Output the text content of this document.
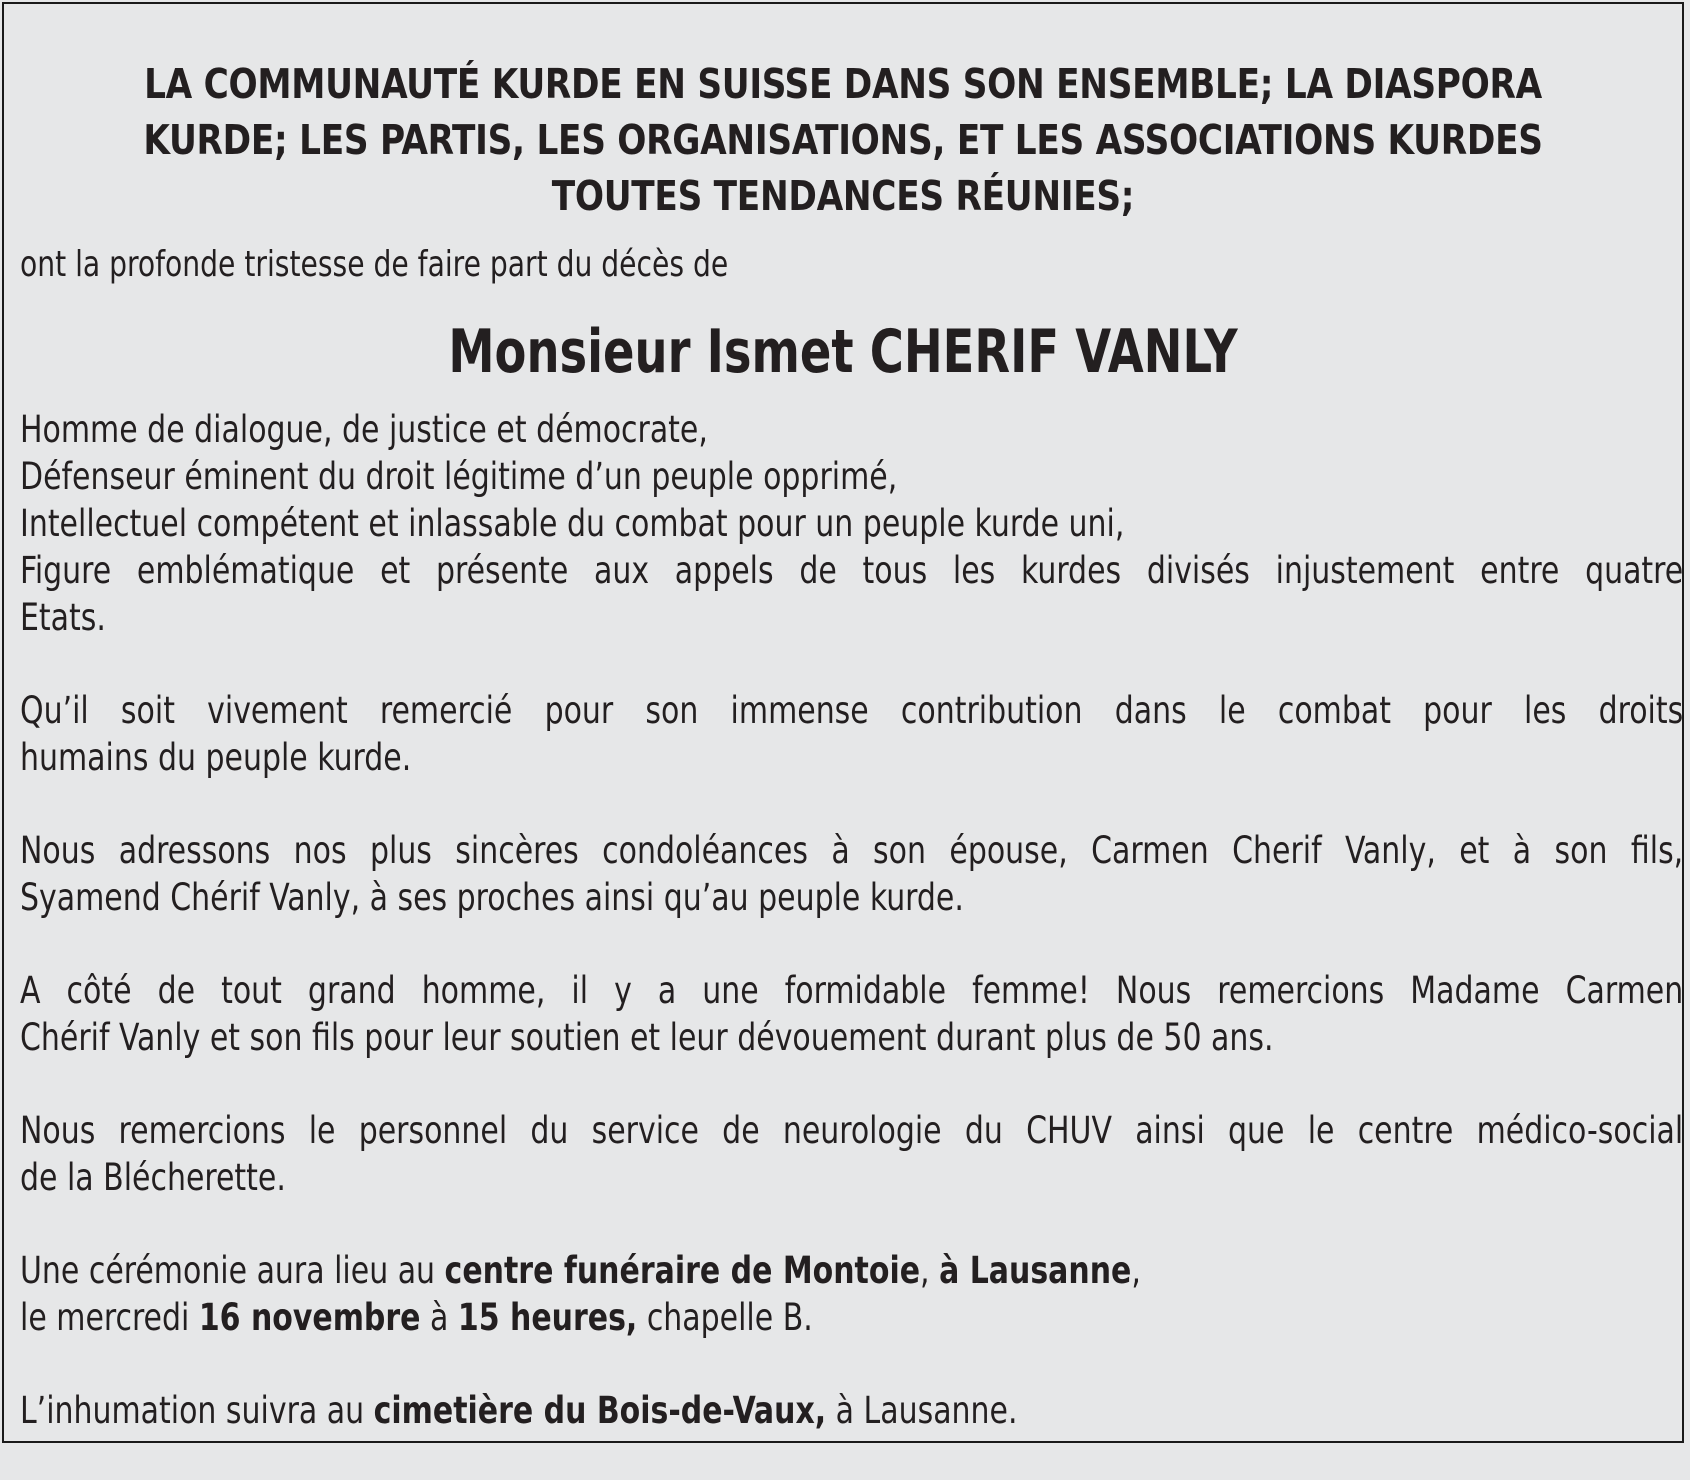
LA COMMUNAUTÉ KURDE EN SUISSE DANS SON ENSEMBLE; LA DIASPORA
KURDE; LES PARTIS, LES ORGANISATIONS, ET LES ASSOCIATIONS KURDES
TOUTES TENDANCES RÉUNIES;
ont la profonde tristesse de faire part du décès de
Monsieur Ismet CHERIF VANLY
Homme de dialogue, de justice et démocrate,
Défenseur éminent du droit légitime d’un peuple opprimé,
Intellectuel compétent et inlassable du combat pour un peuple kurde uni,
Figure emblématique et présente aux appels de tous les kurdes divisés injustement entre quatre
Etats.
Qu’il soit vivement remercié pour son immense contribution dans le combat pour les droits
humains du peuple kurde.
Nous adressons nos plus sincères condoléances à son épouse, Carmen Cherif Vanly, et à son fils,
Syamend Chérif Vanly, à ses proches ainsi qu’au peuple kurde.
A côté de tout grand homme, il y a une formidable femme! Nous remercions Madame Carmen
Chérif Vanly et son fils pour leur soutien et leur dévouement durant plus de 50 ans.
Nous remercions le personnel du service de neurologie du CHUV ainsi que le centre médico-social
de la Blécherette.
Une cérémonie aura lieu au centre funéraire de Montoie, à Lausanne,
le mercredi 16 novembre à 15 heures, chapelle B.
L’inhumation suivra au cimetière du Bois-de-Vaux, à Lausanne.
